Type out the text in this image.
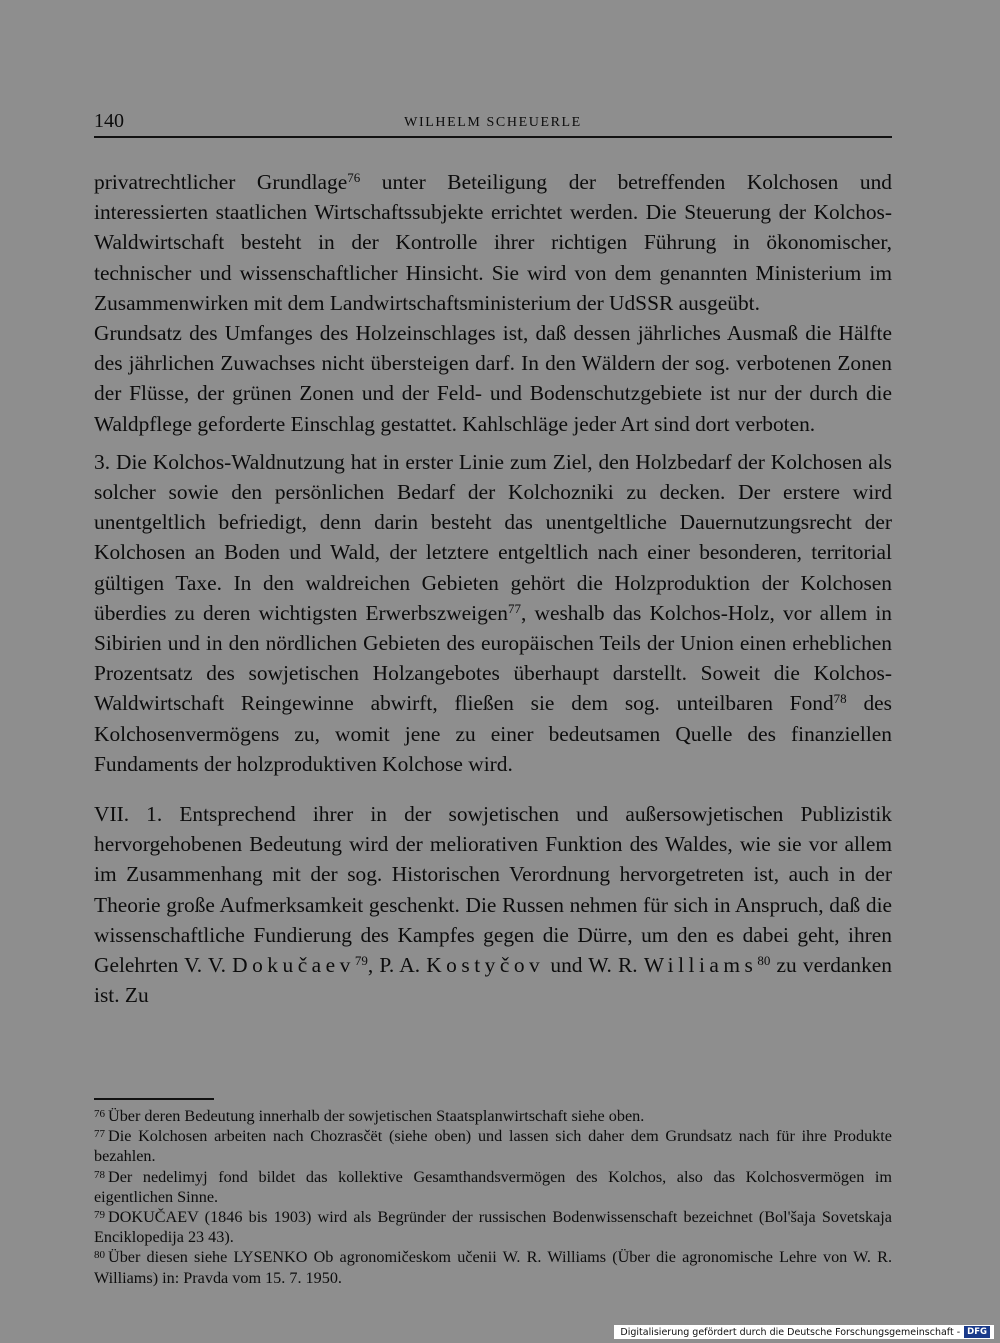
140	WILHELM SCHEUERLE

privatrechtlicher Grundlage$^{76}$ unter Beteiligung der betreffenden Kolchosen und interessierten staatlichen Wirtschaftssubjekte errichtet werden. Die Steuerung der Kolchos-Waldwirtschaft besteht in der Kontrolle ihrer richtigen Führung in ökonomischer, technischer und wissenschaftlicher Hinsicht. Sie wird von dem genannten Ministerium im Zusammenwirken mit dem Landwirtschaftsministerium der UdSSR ausgeübt.

Grundsatz des Umfanges des Holzeinschlages ist, daß dessen jährliches Ausmaß die Hälfte des jährlichen Zuwachses nicht übersteigen darf. In den Wäldern der sog. verbotenen Zonen der Flüsse, der grünen Zonen und der Feld- und Bodenschutzgebiete ist nur der durch die Waldpflege geforderte Einschlag gestattet. Kahlschläge jeder Art sind dort verboten.

3. Die Kolchos-Waldnutzung hat in erster Linie zum Ziel, den Holzbedarf der Kolchosen als solcher sowie den persönlichen Bedarf der Kolchozniki zu decken. Der erstere wird unentgeltlich befriedigt, denn darin besteht das unentgeltliche Dauernutzungsrecht der Kolchosen an Boden und Wald, der letztere entgeltlich nach einer besonderen, territorial gültigen Taxe. In den waldreichen Gebieten gehört die Holzproduktion der Kolchosen überdies zu deren wichtigsten Erwerbszweigen$^{77}$, weshalb das Kolchos-Holz, vor allem in Sibirien und in den nördlichen Gebieten des europäischen Teils der Union einen erheblichen Prozentsatz des sowjetischen Holzangebotes überhaupt darstellt. Soweit die Kolchos-Waldwirtschaft Reingewinne abwirft, fließen sie dem sog. unteilbaren Fond$^{78}$ des Kolchosenvermögens zu, womit jene zu einer bedeutsamen Quelle des finanziellen Fundaments der holzproduktiven Kolchose wird.

VII. 1. Entsprechend ihrer in der sowjetischen und außersowjetischen Publizistik hervorgehobenen Bedeutung wird der meliorativen Funktion des Waldes, wie sie vor allem im Zusammenhang mit der sog. Historischen Verordnung hervorgetreten ist, auch in der Theorie große Aufmerksamkeit geschenkt. Die Russen nehmen für sich in Anspruch, daß die wissenschaftliche Fundierung des Kampfes gegen die Dürre, um den es dabei geht, ihren Gelehrten V. V. Dokučaev$^{79}$, P. A. Kostyčov und W. R. Williams$^{80}$ zu verdanken ist. Zu

$^{76}$ Über deren Bedeutung innerhalb der sowjetischen Staatsplanwirtschaft siehe oben.

$^{77}$ Die Kolchosen arbeiten nach Chozrasčët (siehe oben) und lassen sich daher dem Grundsatz nach für ihre Produkte bezahlen.

$^{78}$ Der nedelimyj fond bildet das kollektive Gesamthandsvermögen des Kolchos, also das Kolchosvermögen im eigentlichen Sinne.

$^{79}$ DOKUČAEV (1846 bis 1903) wird als Begründer der russischen Bodenwissenschaft bezeichnet (Bol'šaja Sovetskaja Enciklopedija 23 43).

$^{80}$ Über diesen siehe LYSENKO Ob agronomičeskom učenii W. R. Williams (Über die agronomische Lehre von W. R. Williams) in: Pravda vom 15. 7. 1950.

Digitalisierung gefördert durch die Deutsche Forschungsgemeinschaft - DFG
